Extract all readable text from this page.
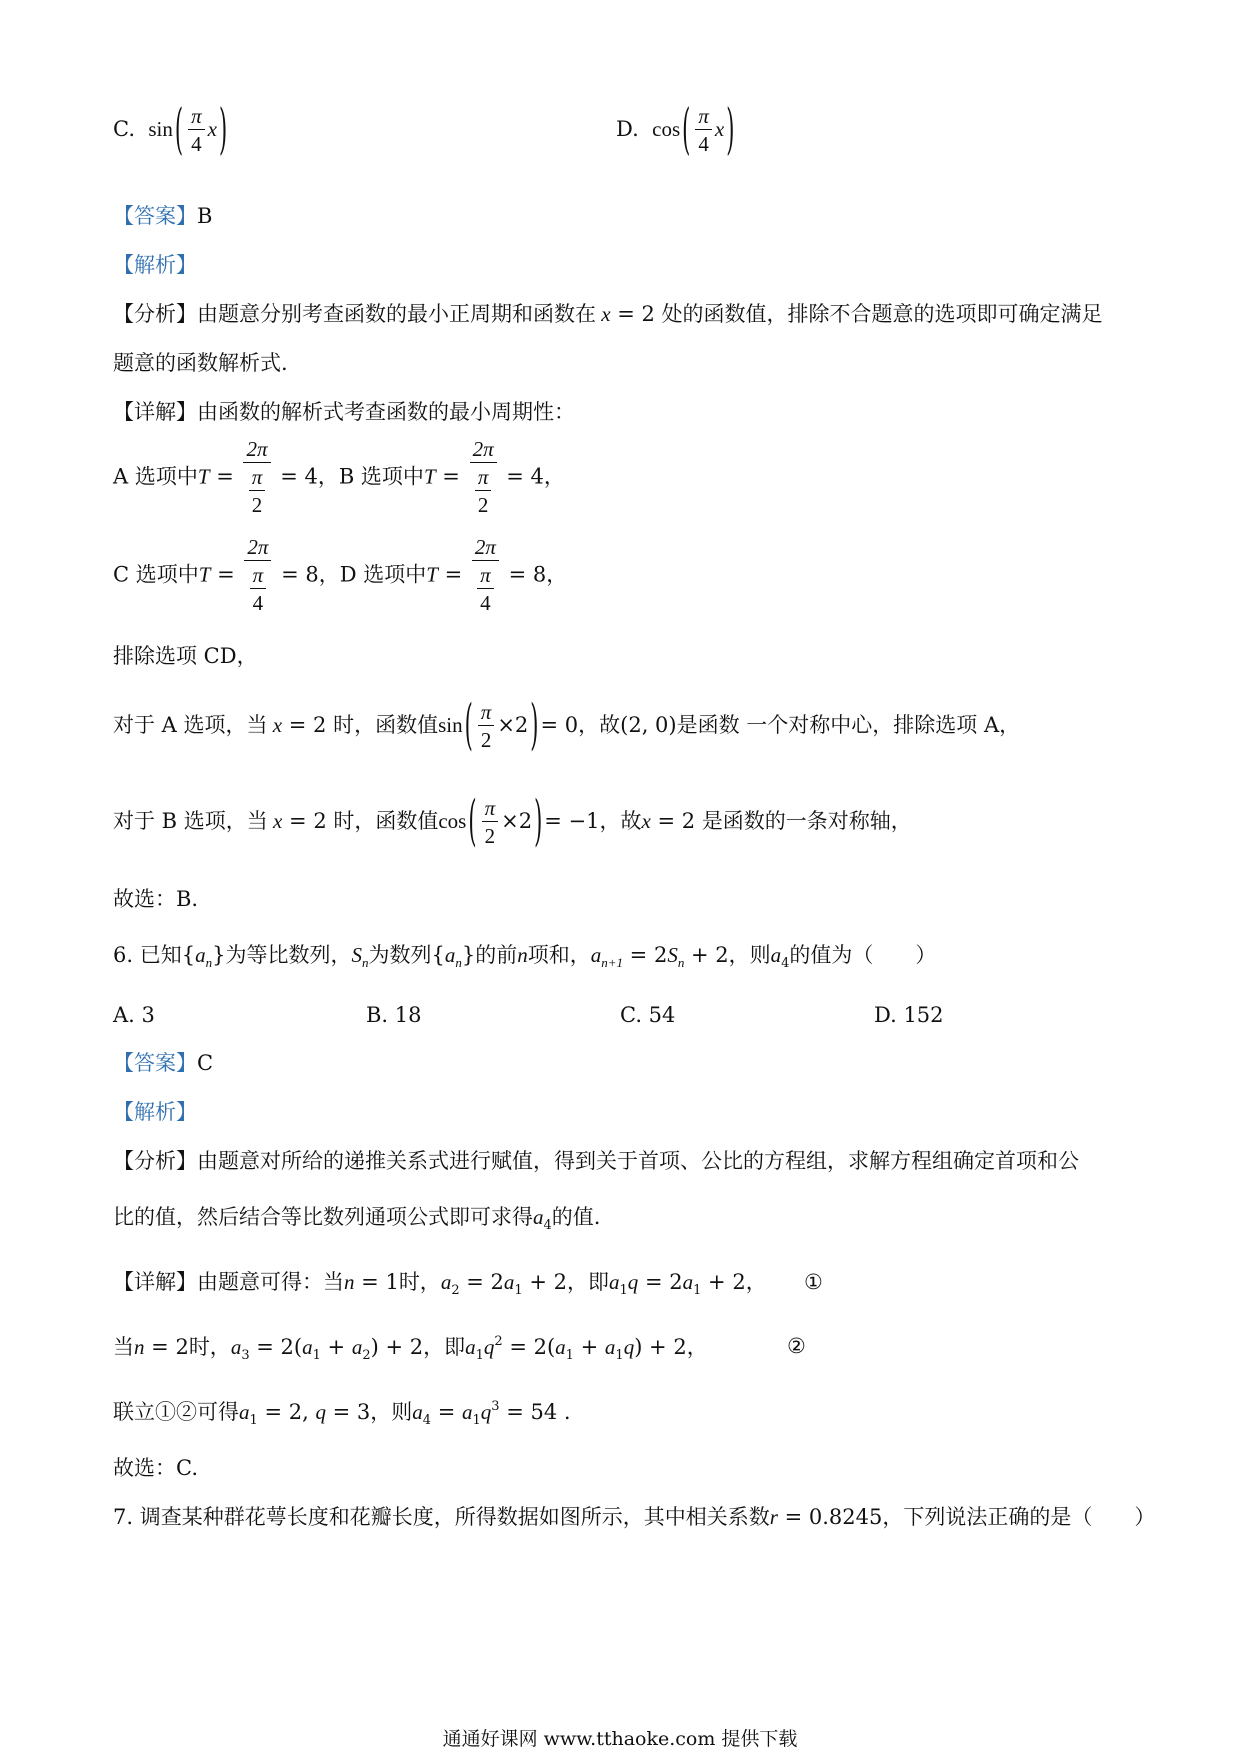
C. $\sin( \frac{\pi}{4} x)$	D. $\cos( \frac{\pi}{4} x)$
【答案】B
【解析】
【分析】由题意分别考查函数的最小正周期和函数在 x = 2 处的函数值，排除不合题意的选项即可确定满足
题意的函数解析式.
【详解】由函数的解析式考查函数的最小周期性：
A 选项中$T = \frac{2\pi}{\frac{\pi}{2}} = 4$，B 选项中$T = \frac{2\pi}{\frac{\pi}{2}} = 4$，
C 选项中$T = \frac{2\pi}{\frac{\pi}{4}} = 8$，D 选项中$T = \frac{2\pi}{\frac{\pi}{4}} = 8$，
排除选项 CD，
对于 A 选项，当 x = 2 时，函数值$\sin( \frac{\pi}{2} \times 2)= 0$，故(2, 0)是函数 一个对称中心，排除选项 A，
对于 B 选项，当 x = 2 时，函数值$\cos( \frac{\pi}{2} \times 2)= -1$，故x = 2 是函数的一条对称轴，
故选：B.
6. 已知$\{a_n\}$为等比数列，$S_n$为数列$\{a_n\}$的前n项和，$a_{n+1} = 2S_n + 2$，则$a_4$的值为（　　）
A. 3	B. 18	C. 54	D. 152
【答案】C
【解析】
【分析】由题意对所给的递推关系式进行赋值，得到关于首项、公比的方程组，求解方程组确定首项和公
比的值，然后结合等比数列通项公式即可求得$a_4$的值.
【详解】由题意可得：当n = 1时，$a_2 = 2a_1 + 2$，即$a_1q = 2a_1 + 2$， ①
当n = 2时，$a_3 = 2(a_1 + a_2) + 2$，即$a_1q^2 = 2(a_1 + a_1q) + 2$，	②
联立①②可得$a_1 = 2$, q = 3，则$a_4 = a_1q^3 = 54$ .
故选：C.
7. 调查某种群花萼长度和花瓣长度，所得数据如图所示，其中相关系数r = 0.8245，下列说法正确的是（　　）
通通好课网 www.tthaoke.com 提供下载
